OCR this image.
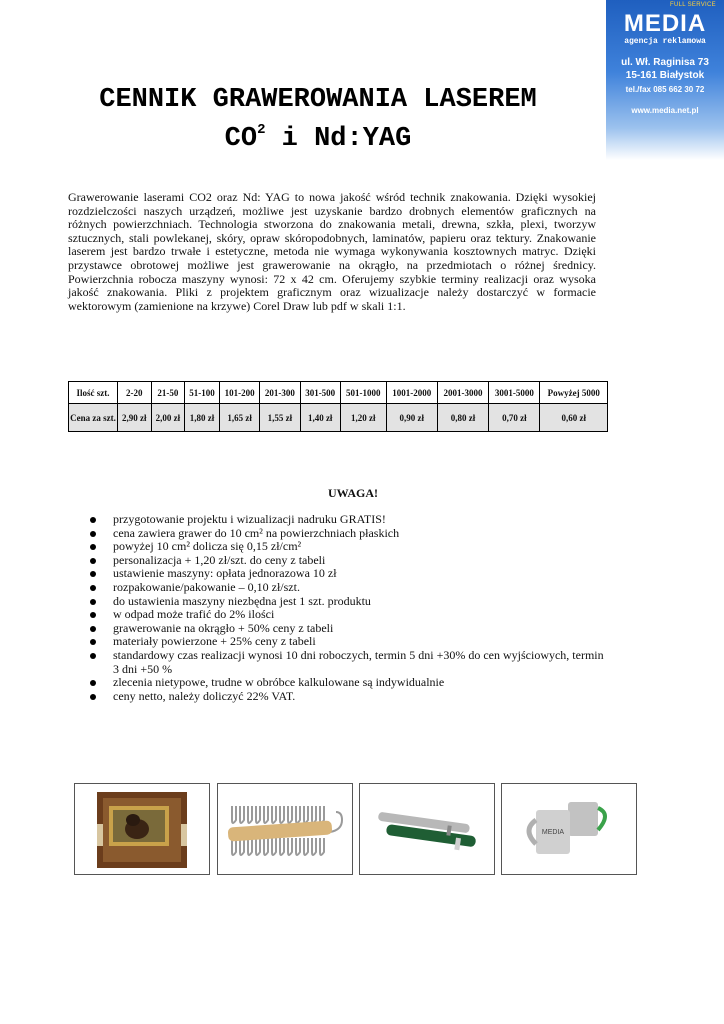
FULL SERVICE
MEDIA
agencja reklamowa
ul. Wł. Raginisa 73
15-161 Białystok
tel./fax 085 662 30 72
www.media.net.pl
CENNIK GRAWEROWANIA LASEREM
$CO^2$ i Nd:YAG
Grawerowanie laserami CO2 oraz Nd: YAG to nowa jakość wśród technik znakowania. Dzięki wysokiej rozdzielczości naszych urządzeń, możliwe jest uzyskanie bardzo drobnych elementów graficznych na różnych powierzchniach. Technologia stworzona do znakowania metali, drewna, szkła, plexi, tworzyw sztucznych, stali powlekanej, skóry, opraw skóropodobnych, laminatów, papieru oraz tektury. Znakowanie laserem jest bardzo trwałe i estetyczne, metoda nie wymaga wykonywania kosztownych matryc. Dzięki przystawce obrotowej możliwe jest grawerowanie na okrągło, na przedmiotach o różnej średnicy. Powierzchnia robocza maszyny wynosi: 72 x 42 cm. Oferujemy szybkie terminy realizacji oraz wysoka jakość znakowania. Pliki z projektem graficznym oraz wizualizacje należy dostarczyć w formacie wektorowym (zamienione na krzywe) Corel Draw lub pdf w skali 1:1.
Ilość szt.	2-20	21-50	51-100	101-200	201-300	301-500	501-1000	1001-2000	2001-3000	3001-5000	Powyżej 5000
Cena za szt.	2,90 zł	2,00 zł	1,80 zł	1,65 zł	1,55 zł	1,40 zł	1,20 zł	0,90 zł	0,80 zł	0,70 zł	0,60 zł
UWAGA!
przygotowanie projektu i wizualizacji nadruku GRATIS!
cena zawiera grawer do 10 cm² na powierzchniach płaskich
powyżej 10 cm² dolicza się 0,15 zł/cm²
personalizacja + 1,20 zł/szt. do ceny z tabeli
ustawienie maszyny: opłata jednorazowa 10 zł
rozpakowanie/pakowanie – 0,10 zł/szt.
do ustawienia maszyny niezbędna jest 1 szt. produktu
w odpad może trafić do 2% ilości
grawerowanie na okrągło + 50% ceny z tabeli
materiały powierzone + 25% ceny z tabeli
standardowy czas realizacji wynosi 10 dni roboczych, termin 5 dni +30% do cen wyjściowych, termin 3 dni +50 %
zlecenia nietypowe, trudne w obróbce kalkulowane są indywidualnie
ceny netto, należy doliczyć 22% VAT.
MEDIA
